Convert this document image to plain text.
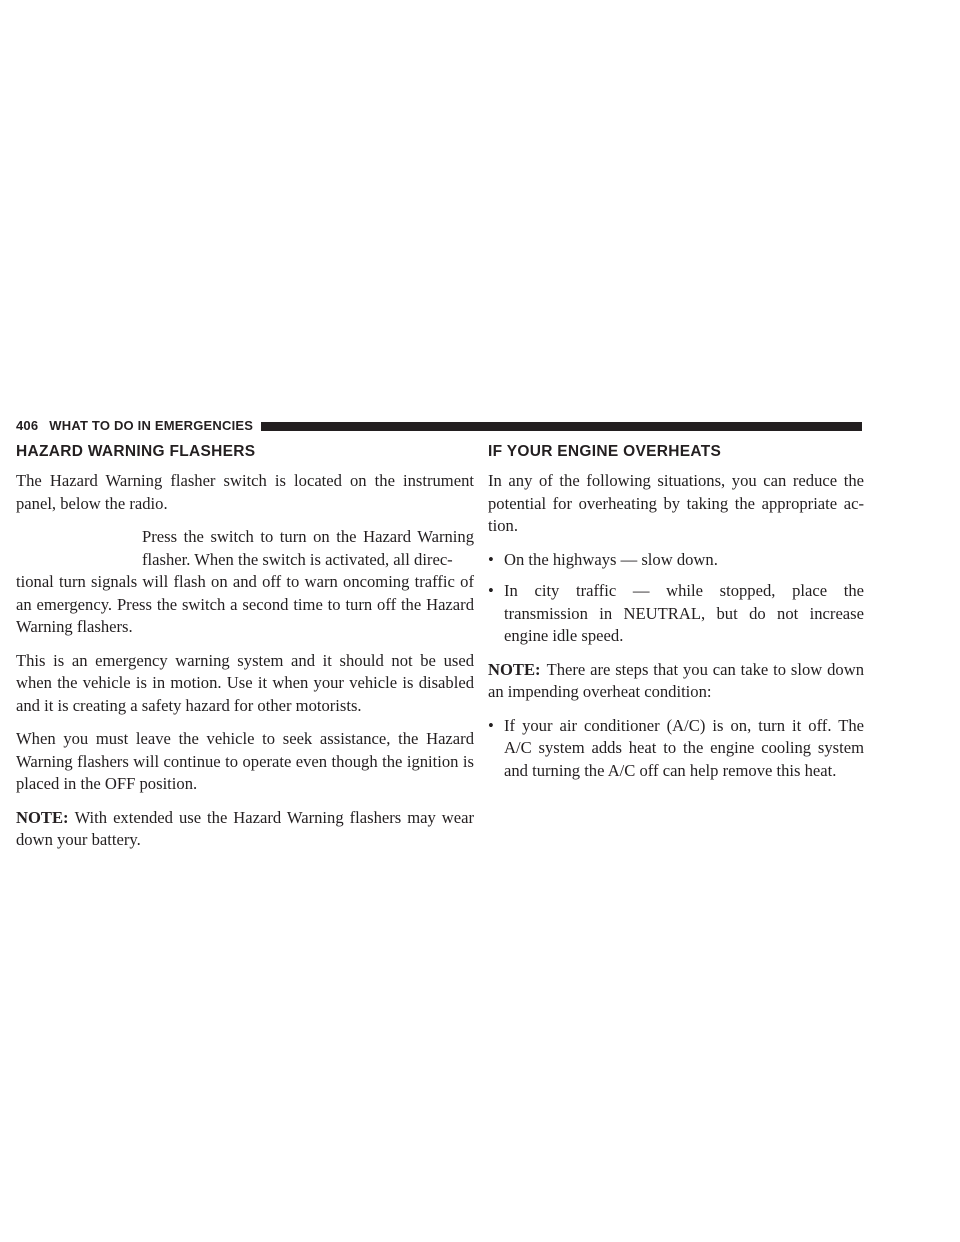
406 WHAT TO DO IN EMERGENCIES
HAZARD WARNING FLASHERS

The Hazard Warning flasher switch is located on the instrument panel, below the radio.

Press the switch to turn on the Hazard Warning flasher. When the switch is activated, all direc-

tional turn signals will flash on and off to warn oncoming traffic of an emergency. Press the switch a second time to turn off the Hazard Warning flashers.

This is an emergency warning system and it should not be used when the vehicle is in motion. Use it when your vehicle is disabled and it is creating a safety hazard for other motorists.

When you must leave the vehicle to seek assistance, the Hazard Warning flashers will continue to operate even though the ignition is placed in the OFF position.

NOTE: With extended use the Hazard Warning flashers may wear down your battery.

IF YOUR ENGINE OVERHEATS

In any of the following situations, you can reduce the potential for overheating by taking the appropriate ac-tion.

• On the highways — slow down.
• In city traffic — while stopped, place the transmission in NEUTRAL, but do not increase engine idle speed.

NOTE: There are steps that you can take to slow down an impending overheat condition:

• If your air conditioner (A/C) is on, turn it off. The A/C system adds heat to the engine cooling system and turning the A/C off can help remove this heat.
